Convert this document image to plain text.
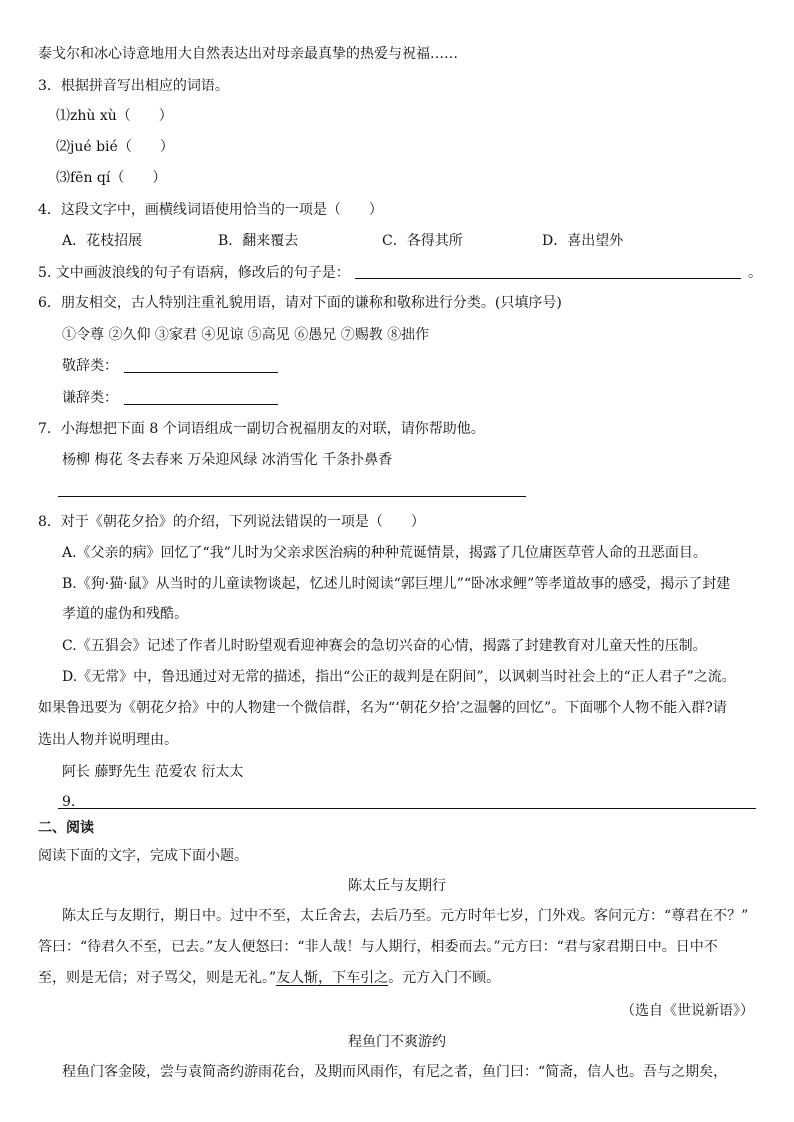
泰戈尔和冰心诗意地用大自然表达出对母亲最真挚的热爱与祝福……
3．根据拼音写出相应的词语。
⑴zhù xù（　　）
⑵jué bié（　　）
⑶fēn qí（　　）
4．这段文字中，画横线词语使用恰当的一项是（　　）
A．花枝招展	B．翻来覆去	C．各得其所	D．喜出望外
5. 文中画波浪线的句子有语病，修改后的句子是：	。
6．朋友相交，古人特别注重礼貌用语，请对下面的谦称和敬称进行分类。(只填序号)
①令尊 ②久仰 ③家君 ④见谅 ⑤高见 ⑥愚兄 ⑦赐教 ⑧拙作
敬辞类：
谦辞类：
7．小海想把下面 8 个词语组成一副切合祝福朋友的对联，请你帮助他。
杨柳 梅花 冬去春来 万朵迎风绿 冰消雪化 千条扑鼻香
8．对于《朝花夕拾》的介绍，下列说法错误的一项是（　　）
A.《父亲的病》回忆了“我”儿时为父亲求医治病的种种荒诞情景，揭露了几位庸医草菅人命的丑恶面目。
B.《狗·猫·鼠》从当时的儿童读物谈起，忆述儿时阅读“郭巨埋儿”“卧冰求鲤”等孝道故事的感受，揭示了封建
孝道的虚伪和残酷。
C.《五猖会》记述了作者儿时盼望观看迎神赛会的急切兴奋的心情，揭露了封建教育对儿童天性的压制。
D.《无常》中，鲁迅通过对无常的描述，指出“公正的裁判是在阴间”，以讽刺当时社会上的“正人君子”之流。
如果鲁迅要为《朝花夕拾》中的人物建一个微信群，名为“‘朝花夕拾’之温馨的回忆”。下面哪个人物不能入群?请
选出人物并说明理由。
阿长 藤野先生 范爱农 衍太太
9.
二、阅读
阅读下面的文字，完成下面小题。
陈太丘与友期行
陈太丘与友期行，期日中。过中不至，太丘舍去，去后乃至。元方时年七岁，门外戏。客问元方：“尊君在不？”
答曰：“待君久不至，已去。”友人便怒曰：“非人哉！与人期行，相委而去。”元方曰：“君与家君期日中。日中不
至，则是无信；对子骂父，则是无礼。”友人惭，下车引之。元方入门不顾。
（选自《世说新语》）
程鱼门不爽游约
程鱼门客金陵，尝与袁简斋约游雨花台，及期而风雨作，有尼之者，鱼门曰：“简斋，信人也。吾与之期矣，
